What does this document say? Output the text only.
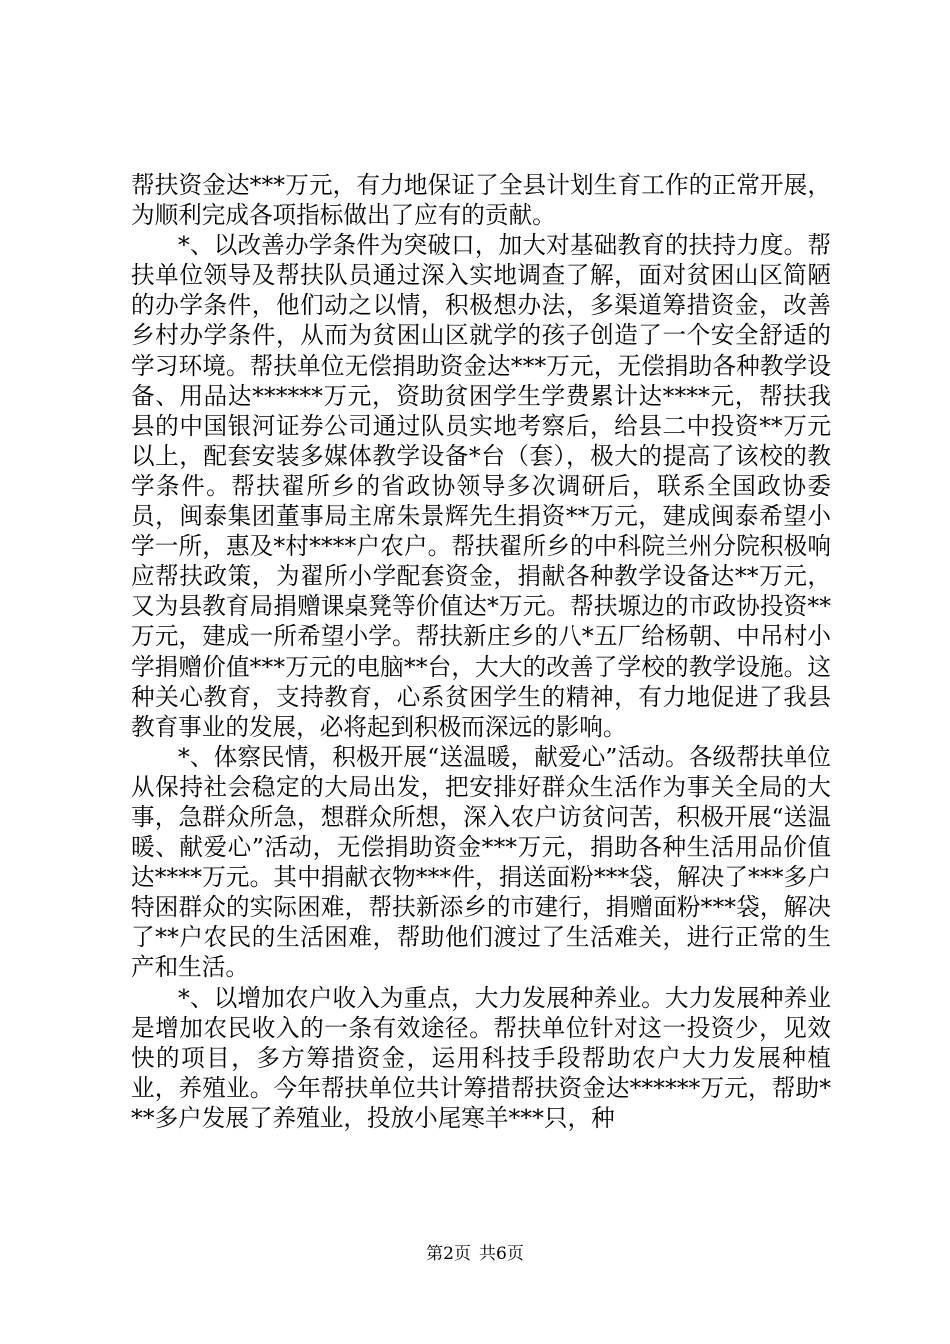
帮扶资金达***万元，有力地保证了全县计划生育工作的正常开展，为顺利完成各项指标做出了应有的贡献。

*、以改善办学条件为突破口，加大对基础教育的扶持力度。帮扶单位领导及帮扶队员通过深入实地调查了解，面对贫困山区简陋的办学条件，他们动之以情，积极想办法，多渠道筹措资金，改善乡村办学条件，从而为贫困山区就学的孩子创造了一个安全舒适的学习环境。帮扶单位无偿捐助资金达***万元，无偿捐助各种教学设备、用品达******万元，资助贫困学生学费累计达****元，帮扶我县的中国银河证券公司通过队员实地考察后，给县二中投资**万元以上，配套安装多媒体教学设备*台（套），极大的提高了该校的教学条件。帮扶翟所乡的省政协领导多次调研后，联系全国政协委员，闽泰集团董事局主席朱景辉先生捐资**万元，建成闽泰希望小学一所，惠及*村****户农户。帮扶翟所乡的中科院兰州分院积极响应帮扶政策，为翟所小学配套资金，捐献各种教学设备达**万元，又为县教育局捐赠课桌凳等价值达*万元。帮扶塬边的市政协投资**万元，建成一所希望小学。帮扶新庄乡的八*五厂给杨朝、中吊村小学捐赠价值***万元的电脑**台，大大的改善了学校的教学设施。这种关心教育，支持教育，心系贫困学生的精神，有力地促进了我县教育事业的发展，必将起到积极而深远的影响。

*、体察民情，积极开展“送温暖，献爱心”活动。各级帮扶单位从保持社会稳定的大局出发，把安排好群众生活作为事关全局的大事，急群众所急，想群众所想，深入农户访贫问苦，积极开展“送温暖、献爱心”活动，无偿捐助资金***万元，捐助各种生活用品价值达****万元。其中捐献衣物***件，捐送面粉***袋，解决了***多户特困群众的实际困难，帮扶新添乡的市建行，捐赠面粉***袋，解决了**户农民的生活困难，帮助他们渡过了生活难关，进行正常的生产和生活。

*、以增加农户收入为重点，大力发展种养业。大力发展种养业是增加农民收入的一条有效途径。帮扶单位针对这一投资少，见效快的项目，多方筹措资金，运用科技手段帮助农户大力发展种植业，养殖业。今年帮扶单位共计筹措帮扶资金达******万元，帮助***多户发展了养殖业，投放小尾寒羊***只，种

第2页 共6页
